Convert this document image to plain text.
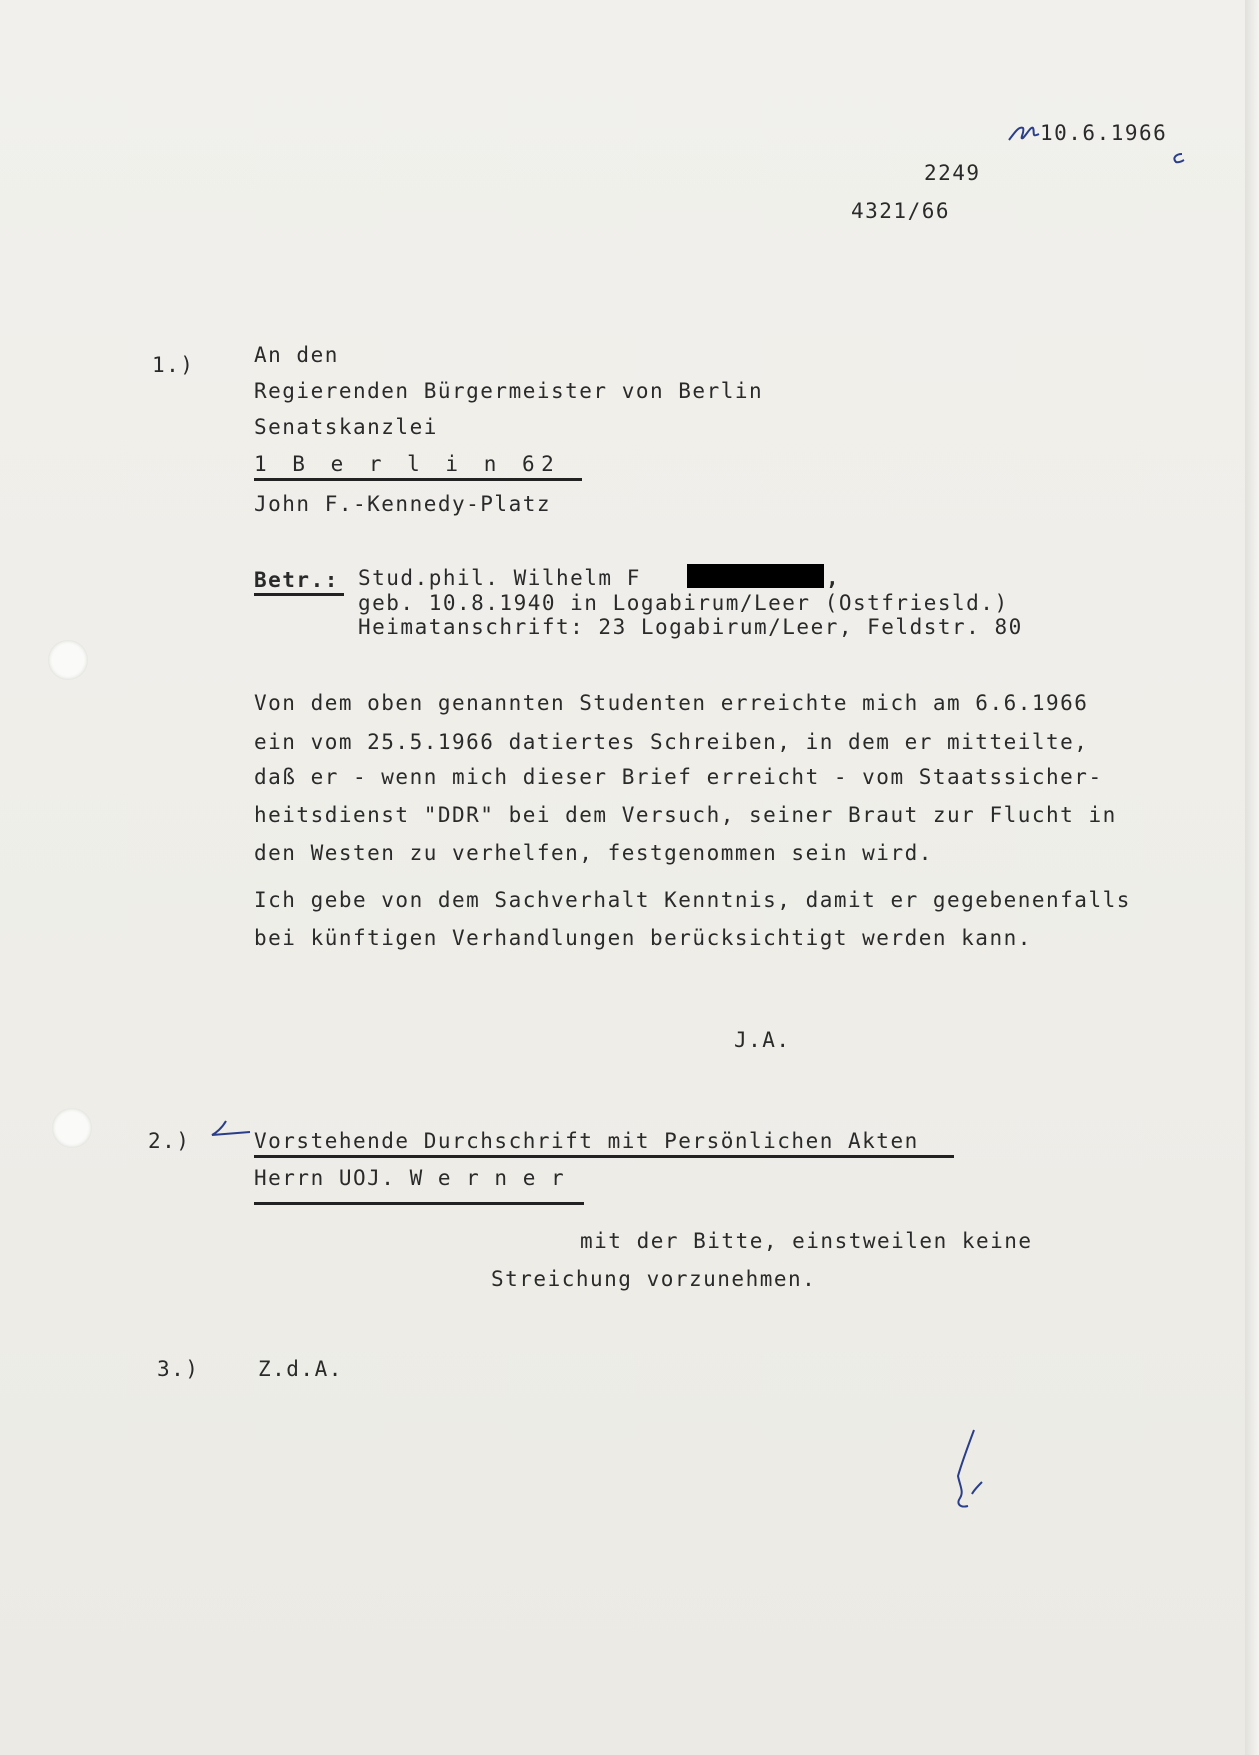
10.6.1966
2249
4321/66
1.)	An den
Regierenden Bürgermeister von Berlin
Senatskanzlei
1 B e r l i n 62
John F.-Kennedy-Platz
Betr.: Stud.phil. Wilhelm F	,
geb. 10.8.1940 in Logabirum/Leer (Ostfriesld.)
Heimatanschrift: 23 Logabirum/Leer, Feldstr. 80
Von dem oben genannten Studenten erreichte mich am 6.6.1966
ein vom 25.5.1966 datiertes Schreiben, in dem er mitteilte,
daß er - wenn mich dieser Brief erreicht - vom Staatssicher-
heitsdienst "DDR" bei dem Versuch, seiner Braut zur Flucht in
den Westen zu verhelfen, festgenommen sein wird.
Ich gebe von dem Sachverhalt Kenntnis, damit er gegebenenfalls
bei künftigen Verhandlungen berücksichtigt werden kann.
J.A.
2.)	Vorstehende Durchschrift mit Persönlichen Akten
Herrn UOJ. W e r n e r
mit der Bitte, einstweilen keine
Streichung vorzunehmen.
3.)	Z.d.A.
